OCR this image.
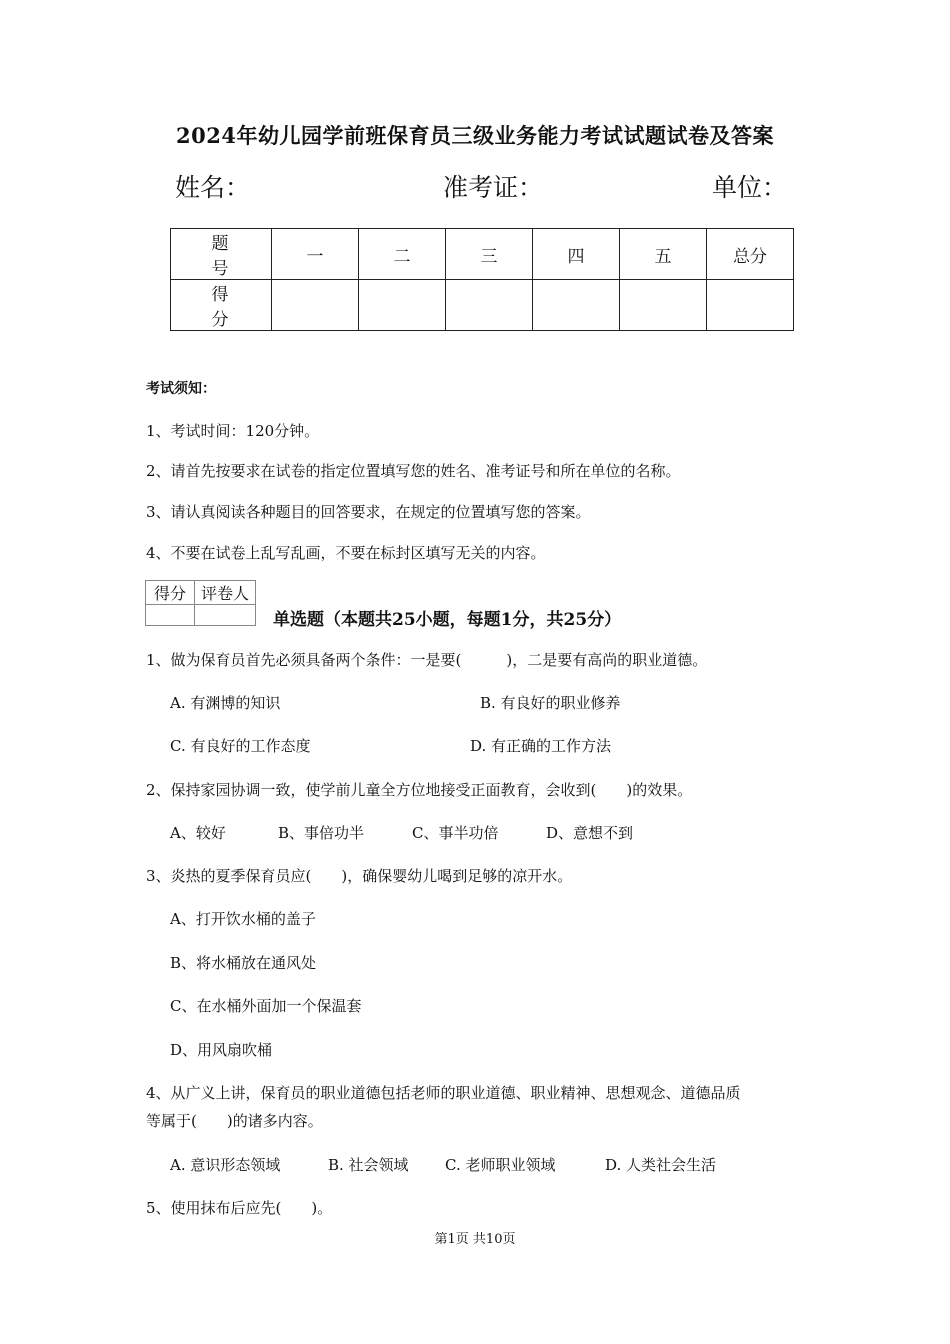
2024年幼儿园学前班保育员三级业务能力考试试题试卷及答案
姓名：	准考证：	单位：
题　号	一	二	三	四	五	总分
得　分						
考试须知：
1、考试时间：120分钟。
2、请首先按要求在试卷的指定位置填写您的姓名、准考证号和所在单位的名称。
3、请认真阅读各种题目的回答要求，在规定的位置填写您的答案。
4、不要在试卷上乱写乱画，不要在标封区填写无关的内容。
得分	评卷人

单选题（本题共25小题，每题1分，共25分）
1、做为保育员首先必须具备两个条件：一是要(　　　)，二是要有高尚的职业道德。
A. 有渊博的知识	B. 有良好的职业修养
C. 有良好的工作态度	D. 有正确的工作方法
2、保持家园协调一致，使学前儿童全方位地接受正面教育，会收到(　　)的效果。
A、较好	B、事倍功半	C、事半功倍	D、意想不到
3、炎热的夏季保育员应(　　)，确保婴幼儿喝到足够的凉开水。
A、打开饮水桶的盖子
B、将水桶放在通风处
C、在水桶外面加一个保温套
D、用风扇吹桶
4、从广义上讲，保育员的职业道德包括老师的职业道德、职业精神、思想观念、道德品质
等属于(　　)的诸多内容。
A. 意识形态领域	B. 社会领域 C. 老师职业领域	D. 人类社会生活
5、使用抹布后应先(　　)。
第1页 共10页
